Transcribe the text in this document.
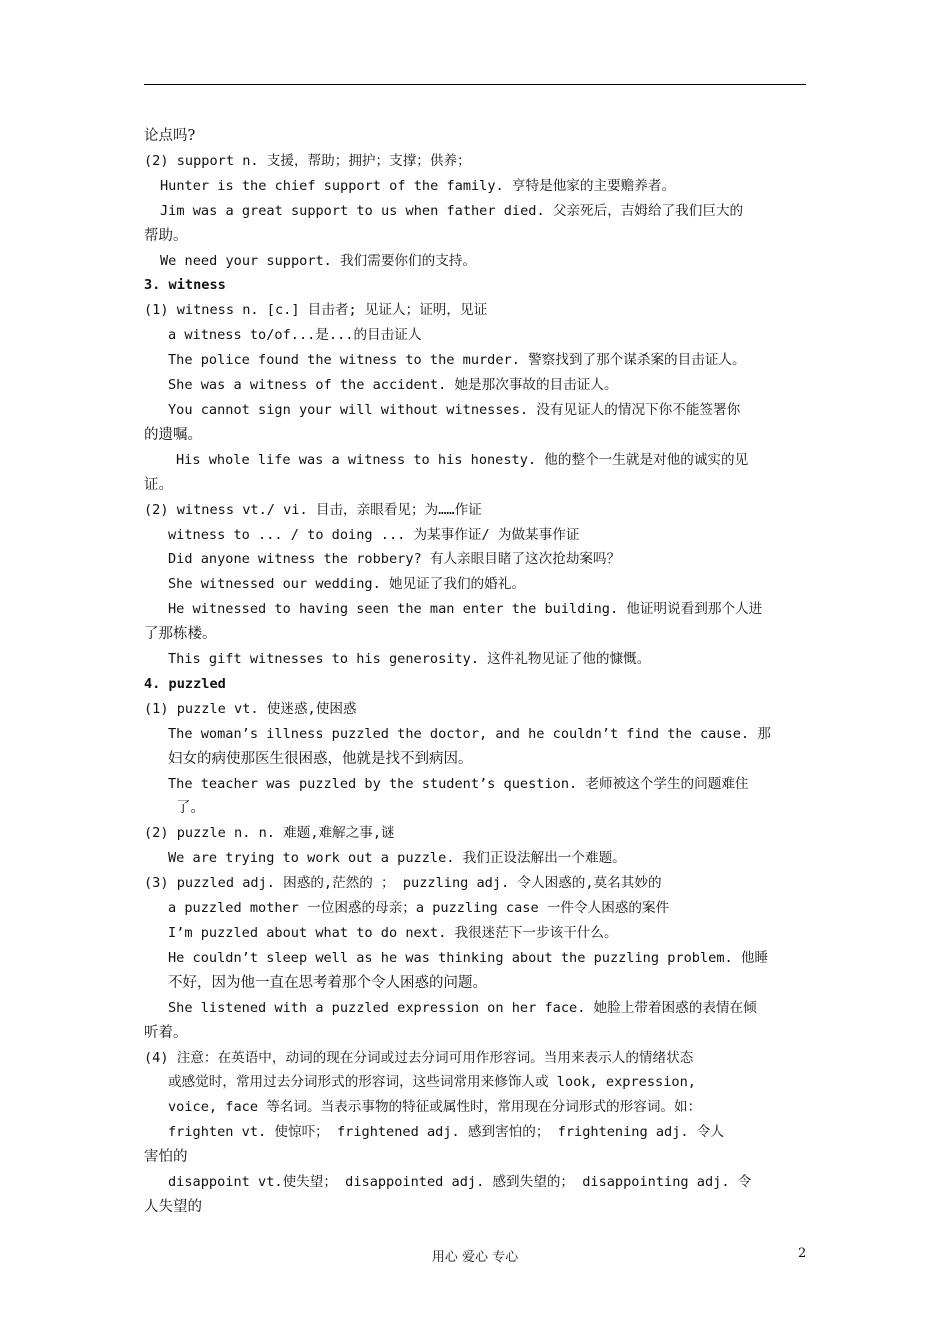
论点吗?
(2) support n. 支援，帮助；拥护；支撑；供养；
Hunter is the chief support of the family. 亨特是他家的主要赡养者。
Jim was a great support to us when father died. 父亲死后，吉姆给了我们巨大的
帮助。
We need your support. 我们需要你们的支持。
3. witness
(1) witness n. [c.] 目击者; 见证人；证明，见证
a witness to/of...是...的目击证人
The police found the witness to the murder. 警察找到了那个谋杀案的目击证人。
She was a witness of the accident. 她是那次事故的目击证人。
You cannot sign your will without witnesses. 没有见证人的情况下你不能签署你
的遗嘱。
His whole life was a witness to his honesty. 他的整个一生就是对他的诚实的见
证。
(2) witness vt./ vi. 目击，亲眼看见；为……作证
witness to ... / to doing ... 为某事作证/ 为做某事作证
Did anyone witness the robbery? 有人亲眼目睹了这次抢劫案吗？
She witnessed our wedding. 她见证了我们的婚礼。
He witnessed to having seen the man enter the building. 他证明说看到那个人进
了那栋楼。
This gift witnesses to his generosity. 这件礼物见证了他的慷慨。
4. puzzled
(1) puzzle vt. 使迷惑,使困惑
The woman’s illness puzzled the doctor, and he couldn’t find the cause. 那
妇女的病使那医生很困惑，他就是找不到病因。
The teacher was puzzled by the student’s question. 老师被这个学生的问题难住
了。
(2) puzzle n. n. 难题,难解之事,谜
We are trying to work out a puzzle. 我们正设法解出一个难题。
(3) puzzled adj. 困惑的,茫然的 ； puzzling adj. 令人困惑的,莫名其妙的
a puzzled mother 一位困惑的母亲；a puzzling case 一件令人困惑的案件
I’m puzzled about what to do next. 我很迷茫下一步该干什么。
He couldn’t sleep well as he was thinking about the puzzling problem. 他睡
不好，因为他一直在思考着那个令人困惑的问题。
She listened with a puzzled expression on her face. 她脸上带着困惑的表情在倾
听着。
(4) 注意：在英语中，动词的现在分词或过去分词可用作形容词。当用来表示人的情绪状态
或感觉时，常用过去分词形式的形容词，这些词常用来修饰人或 look, expression,
voice, face 等名词。当表示事物的特征或属性时，常用现在分词形式的形容词。如：
frighten vt. 使惊吓； frightened adj. 感到害怕的； frightening adj. 令人
害怕的
disappoint vt.使失望； disappointed adj. 感到失望的； disappointing adj. 令
人失望的
用心 爱心 专心	2
